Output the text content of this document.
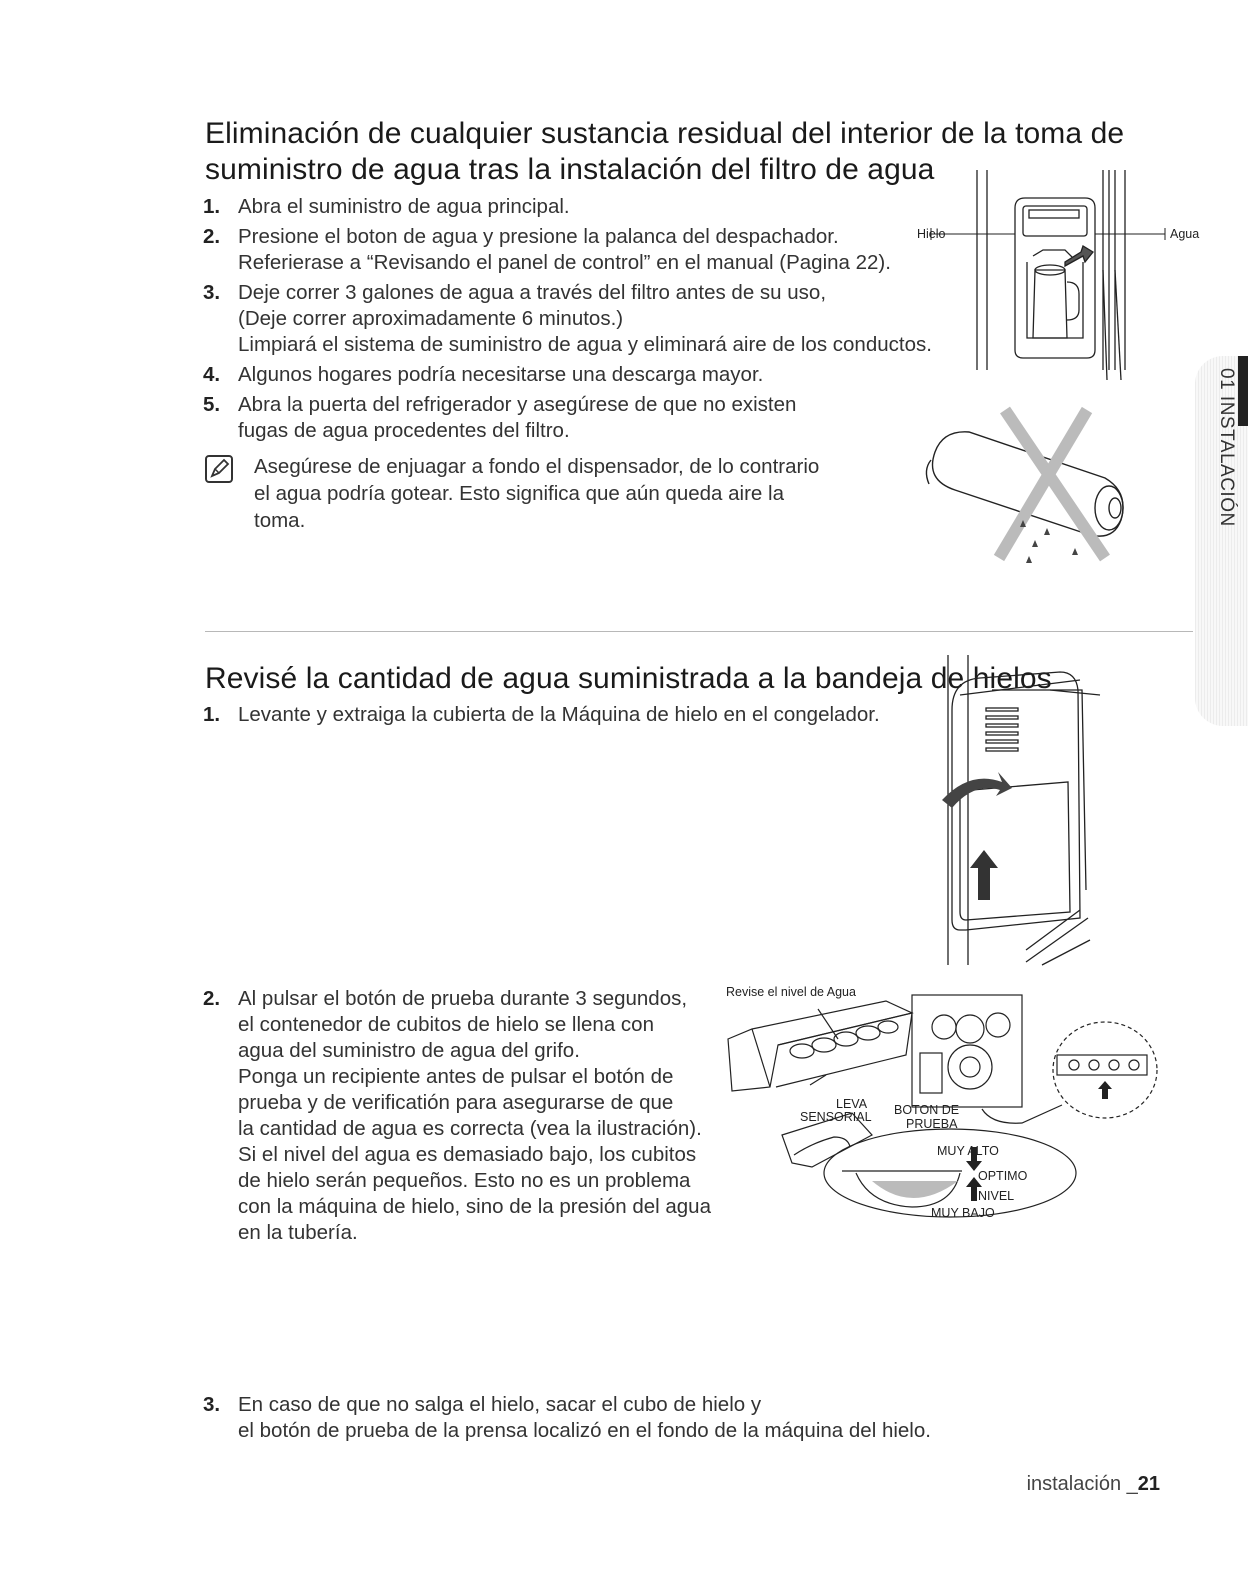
Eliminación de cualquier sustancia residual del interior de la toma de
suministro de agua tras la instalación del filtro de agua
1. Abra el suministro de agua principal.
2. Presione el boton de agua y presione la palanca del despachador.
Referierase a “Revisando el panel de control” en el manual (Pagina 22).
3. Deje correr 3 galones de agua a través del filtro antes de su uso,
(Deje correr aproximadamente 6 minutos.)
Limpiará el sistema de suministro de agua y eliminará aire de los conductos.
4. Algunos hogares podría necesitarse una descarga mayor.
5. Abra la puerta del refrigerador y asegúrese de que no existen
fugas de agua procedentes del filtro.
Asegúrese de enjuagar a fondo el dispensador, de lo contrario
el agua podría gotear. Esto significa que aún queda aire la
toma.
Hielo	Agua
Revisé la cantidad de agua suministrada a la bandeja de hielos
1. Levante y extraiga la cubierta de la Máquina de hielo en el congelador.
2. Al pulsar el botón de prueba durante 3 segundos,
el contenedor de cubitos de hielo se llena con
agua del suministro de agua del grifo.
Ponga un recipiente antes de pulsar el botón de
prueba y de verificatión para asegurarse de que
la cantidad de agua es correcta (vea la ilustración).
Si el nivel del agua es demasiado bajo, los cubitos
de hielo serán pequeños. Esto no es un problema
con la máquina de hielo, sino de la presión del agua
en la tubería.
Revise el nivel de Agua
LEVA
SENSORIAL BOTON DE
PRUEBA
MUY ALTO
OPTIMO
NIVEL
MUY BAJO
3. En caso de que no salga el hielo, sacar el cubo de hielo y
el botón de prueba de la prensa localizó en el fondo de la máquina del hielo.
01 INSTALACIÓN
instalación _21
